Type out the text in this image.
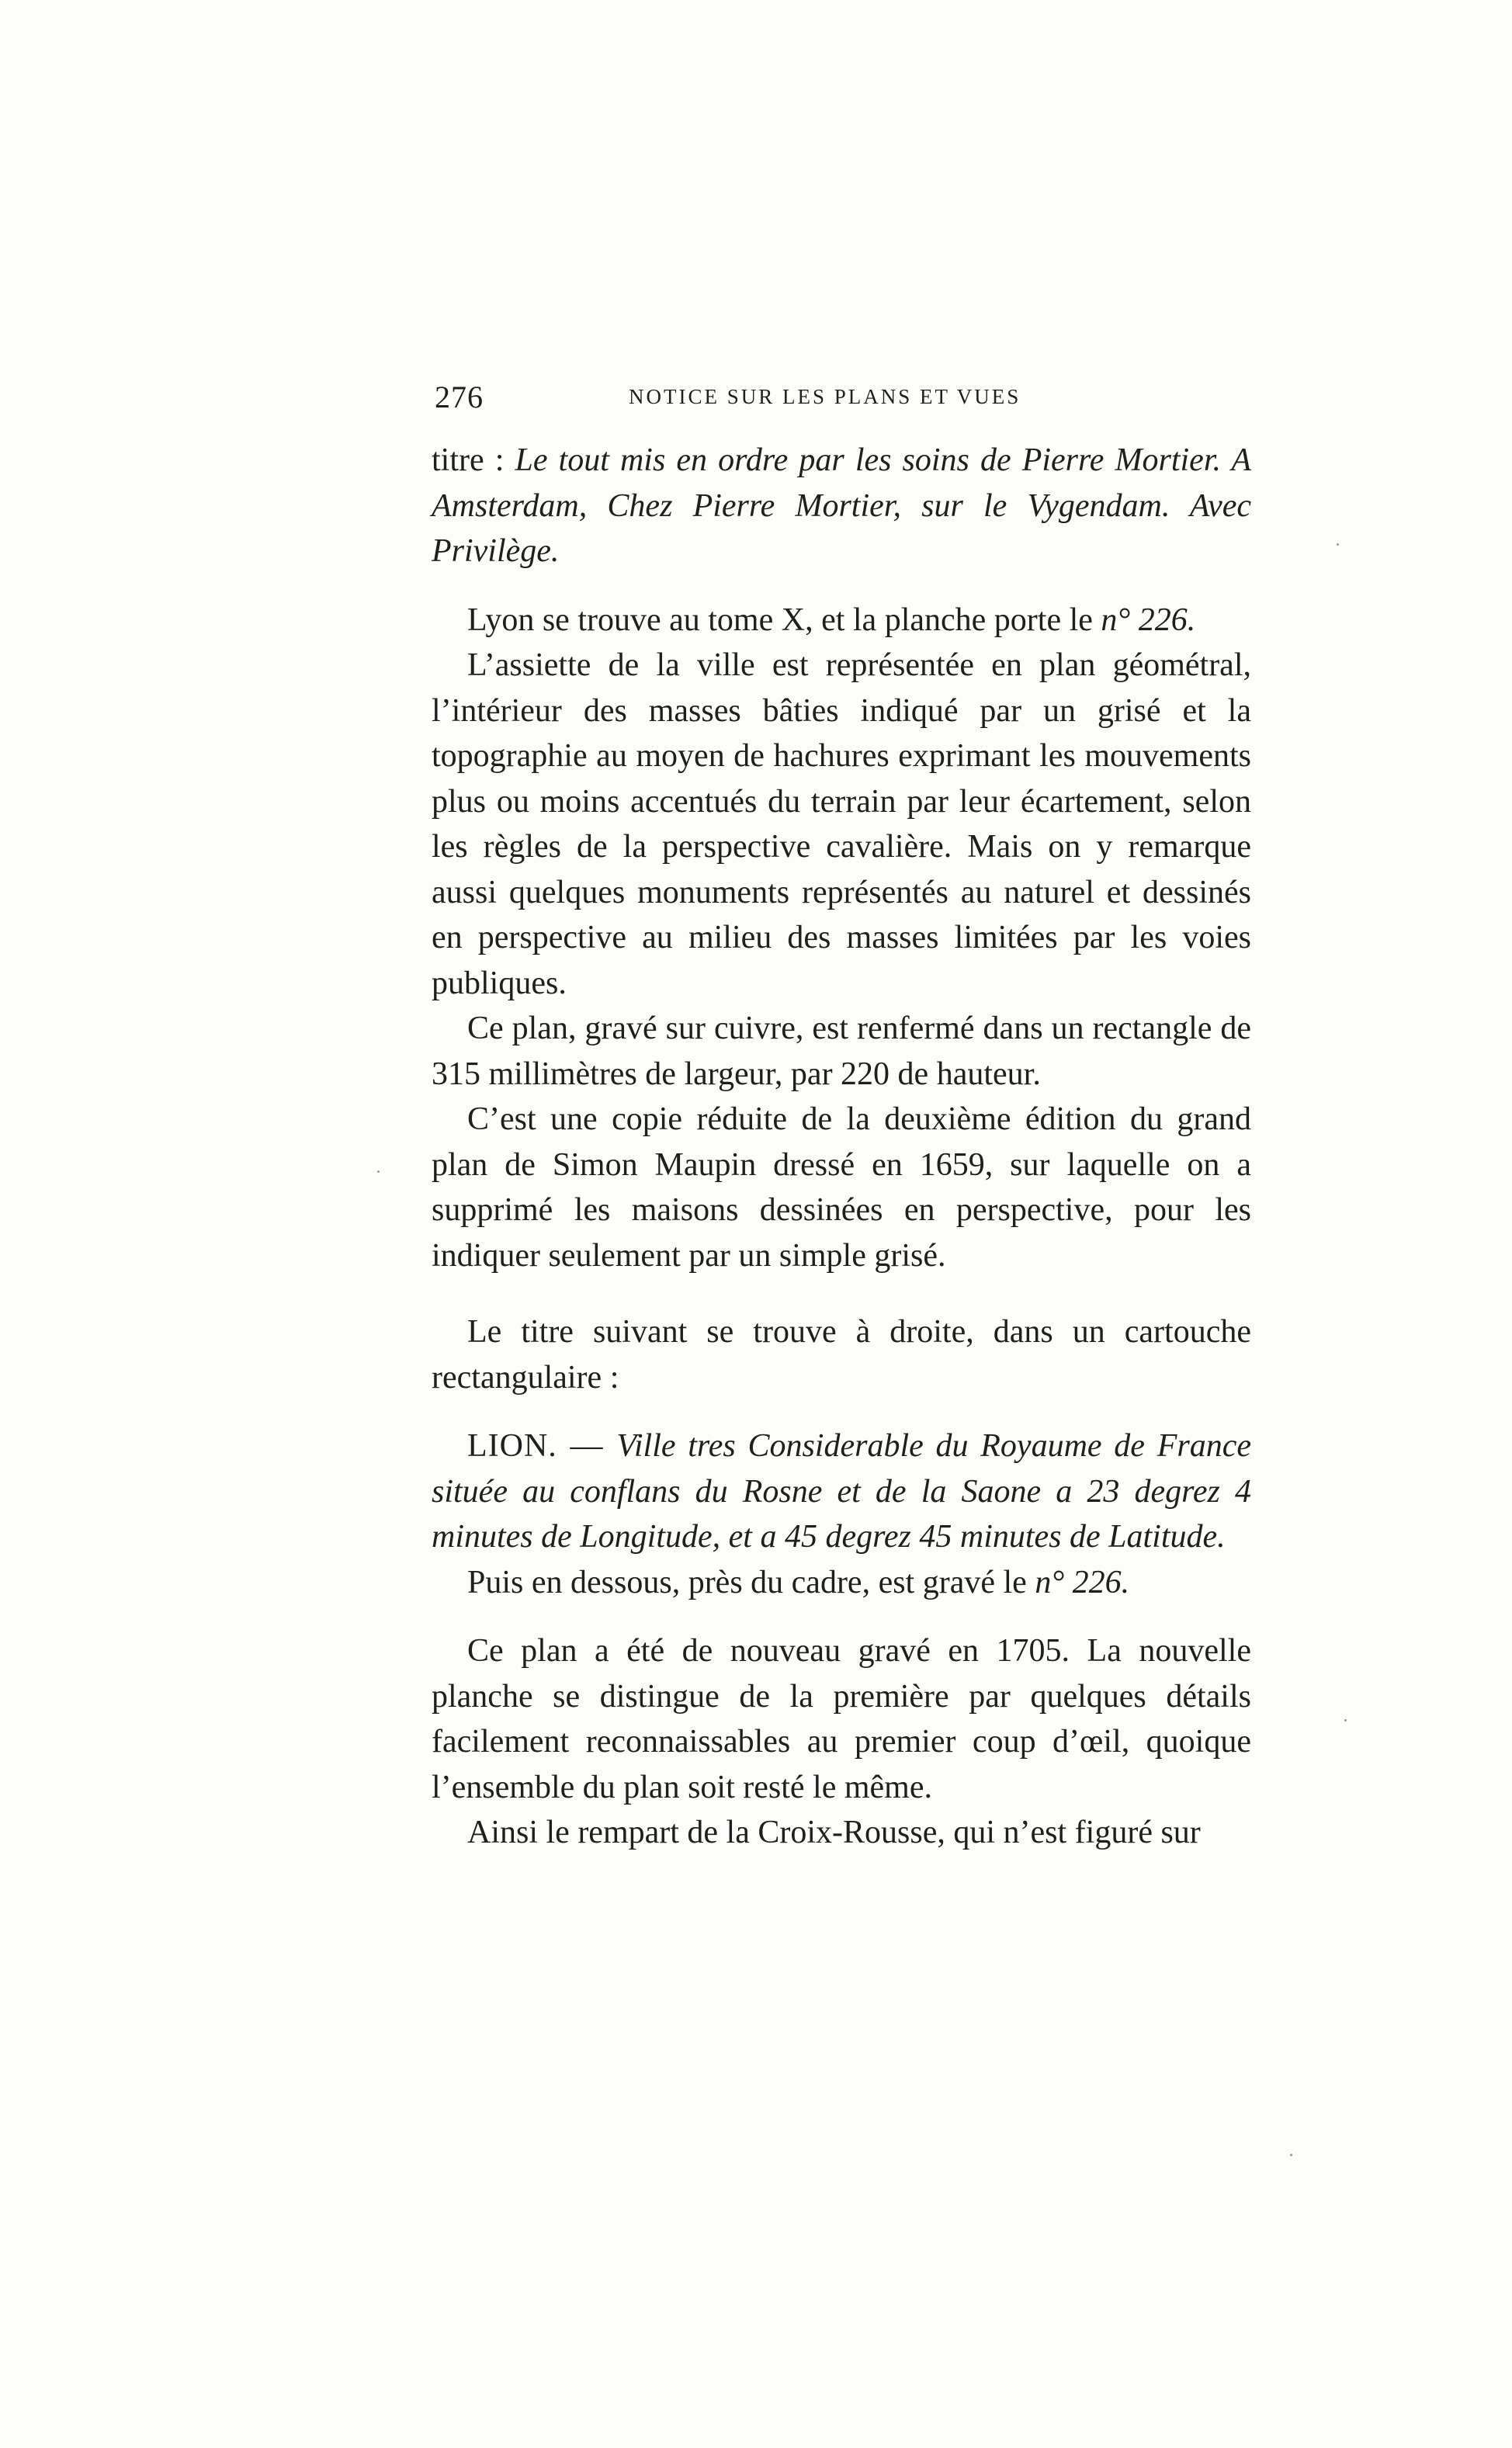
276	NOTICE SUR LES PLANS ET VUES

titre : Le tout mis en ordre par les soins de Pierre Mortier. A Amsterdam, Chez Pierre Mortier, sur le Vygendam. Avec Privilège.

Lyon se trouve au tome X, et la planche porte le n° 226.

L’assiette de la ville est représentée en plan géométral, l’intérieur des masses bâties indiqué par un grisé et la topographie au moyen de hachures exprimant les mouvements plus ou moins accentués du terrain par leur écartement, selon les règles de la perspective cavalière. Mais on y remarque aussi quelques monuments représentés au naturel et dessinés en perspective au milieu des masses limitées par les voies publiques.

Ce plan, gravé sur cuivre, est renfermé dans un rectangle de 315 millimètres de largeur, par 220 de hauteur.

C’est une copie réduite de la deuxième édition du grand plan de Simon Maupin dressé en 1659, sur laquelle on a supprimé les maisons dessinées en perspective, pour les indiquer seulement par un simple grisé.

Le titre suivant se trouve à droite, dans un cartouche rectangulaire :

LION. — Ville tres Considerable du Royaume de France située au conflans du Rosne et de la Saone a 23 degrez 4 minutes de Longitude, et a 45 degrez 45 minutes de Latitude.

Puis en dessous, près du cadre, est gravé le n° 226.

Ce plan a été de nouveau gravé en 1705. La nouvelle planche se distingue de la première par quelques détails facilement reconnaissables au premier coup d’œil, quoique l’ensemble du plan soit resté le même.

Ainsi le rempart de la Croix-Rousse, qui n’est figuré sur
